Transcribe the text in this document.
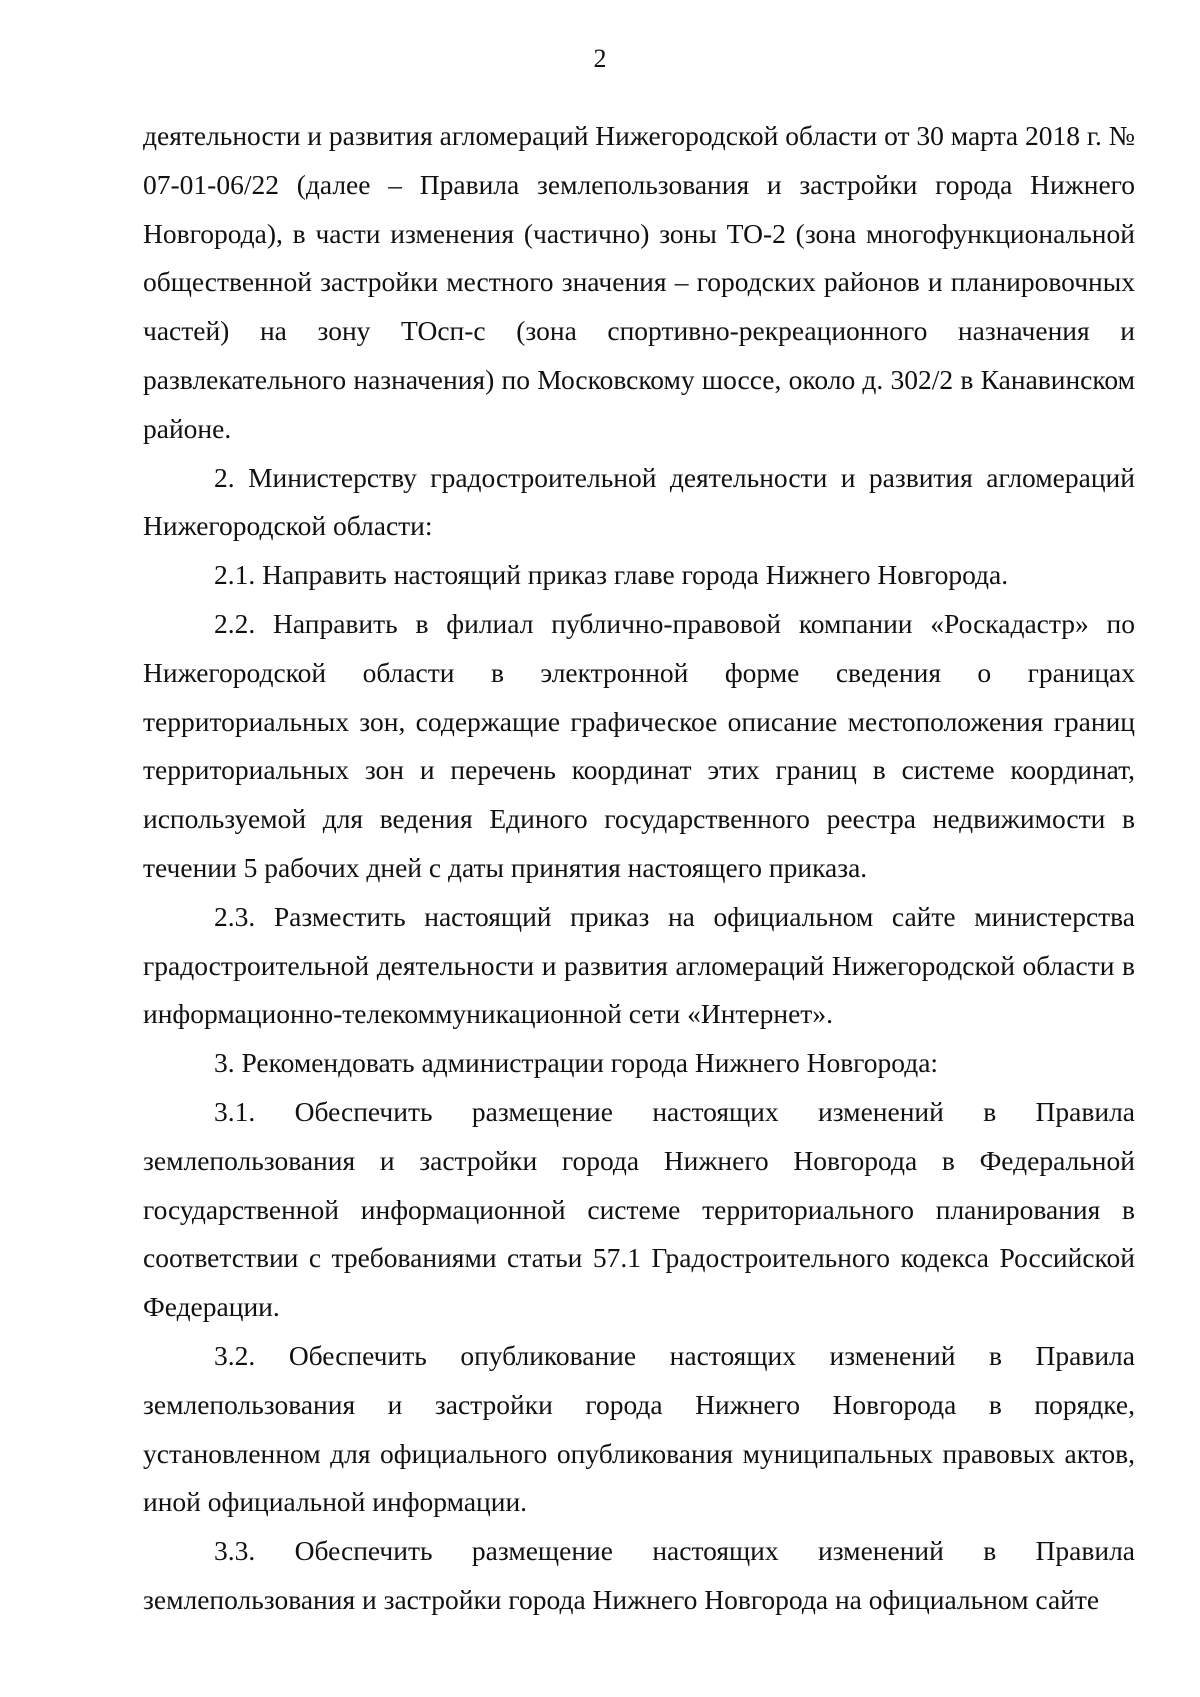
2

деятельности и развития агломераций Нижегородской области от 30 марта 2018 г. № 07-01-06/22 (далее – Правила землепользования и застройки города Нижнего Новгорода), в части изменения (частично) зоны ТО-2 (зона многофункциональной общественной застройки местного значения – городских районов и планировочных частей) на зону ТОсп-с (зона спортивно-рекреационного назначения и развлекательного назначения) по Московскому шоссе, около д. 302/2 в Канавинском районе.

2. Министерству градостроительной деятельности и развития агломераций Нижегородской области:

2.1. Направить настоящий приказ главе города Нижнего Новгорода.

2.2. Направить в филиал публично-правовой компании «Роскадастр» по Нижегородской области в электронной форме сведения о границах территориальных зон, содержащие графическое описание местоположения границ территориальных зон и перечень координат этих границ в системе координат, используемой для ведения Единого государственного реестра недвижимости в течении 5 рабочих дней с даты принятия настоящего приказа.

2.3. Разместить настоящий приказ на официальном сайте министерства градостроительной деятельности и развития агломераций Нижегородской области в информационно-телекоммуникационной сети «Интернет».

3. Рекомендовать администрации города Нижнего Новгорода:

3.1. Обеспечить размещение настоящих изменений в Правила землепользования и застройки города Нижнего Новгорода в Федеральной государственной информационной системе территориального планирования в соответствии с требованиями статьи 57.1 Градостроительного кодекса Российской Федерации.

3.2. Обеспечить опубликование настоящих изменений в Правила землепользования и застройки города Нижнего Новгорода в порядке, установленном для официального опубликования муниципальных правовых актов, иной официальной информации.

3.3. Обеспечить размещение настоящих изменений в Правила землепользования и застройки города Нижнего Новгорода на официальном сайте
